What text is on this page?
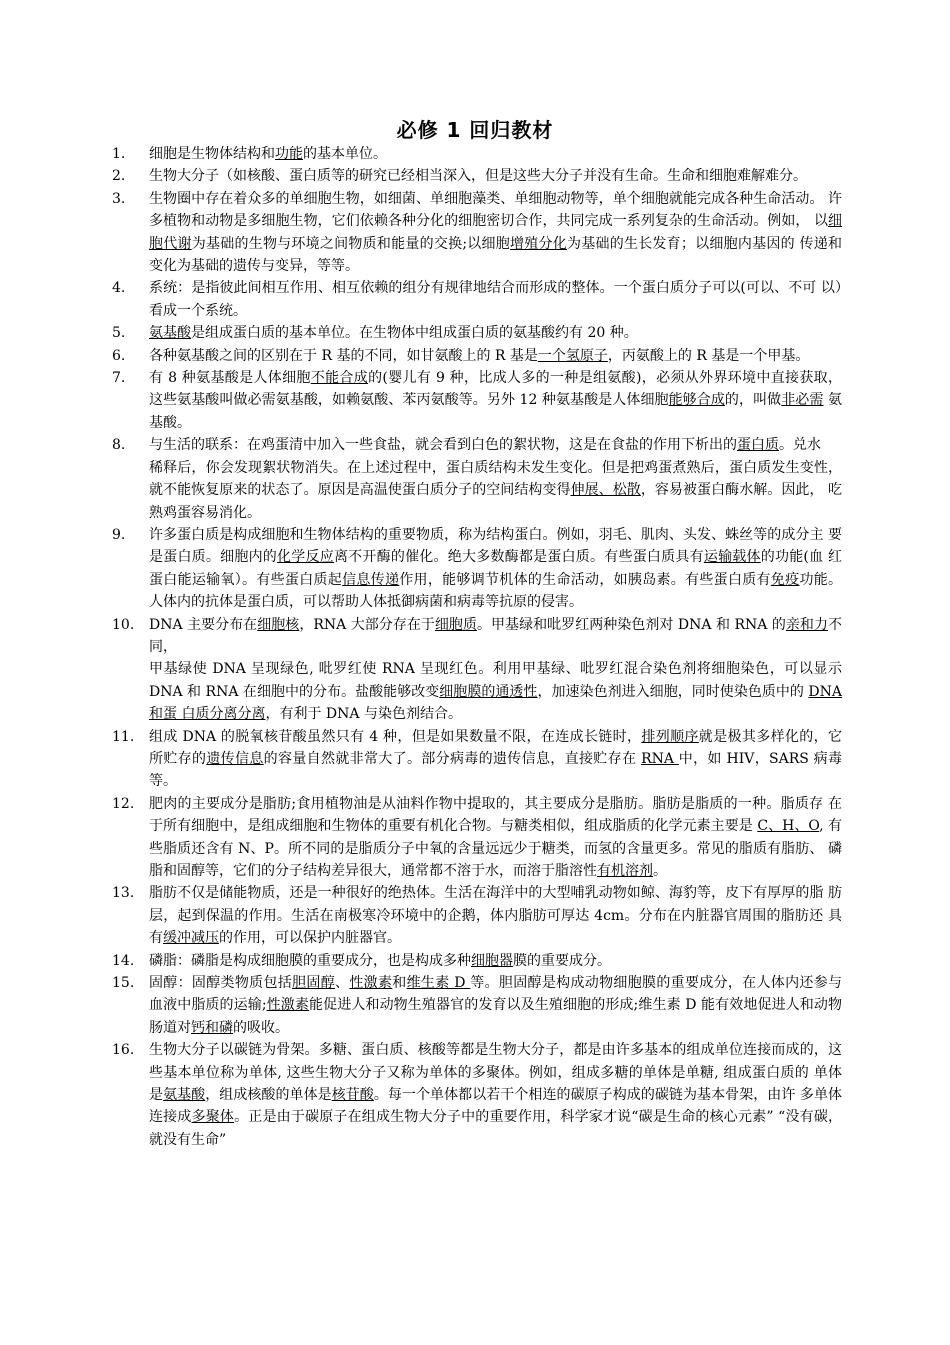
必修 1 回归教材
1.	细胞是生物体结构和功能的基本单位。
2.	生物大分子（如核酸、蛋白质等的研究已经相当深入，但是这些大分子并没有生命。生命和细胞难解难分。
3.	生物圈中存在着众多的单细胞生物，如细菌、单细胞藻类、单细胞动物等，单个细胞就能完成各种生命活动。 许多植物和动物是多细胞生物，它们依赖各种分化的细胞密切合作，共同完成一系列复杂的生命活动。例如， 以细胞代谢为基础的生物与环境之间物质和能量的交换;以细胞增殖分化为基础的生长发育；以细胞内基因的 传递和变化为基础的遗传与变异，等等。
4.	系统：是指彼此间相互作用、相互依赖的组分有规律地结合而形成的整体。一个蛋白质分子可以(可以、不可 以）看成一个系统。
5.	氨基酸是组成蛋白质的基本单位。在生物体中组成蛋白质的氨基酸约有 20 种。
6.	各种氨基酸之间的区别在于 R 基的不同，如甘氨酸上的 R 基是一个氢原子，丙氨酸上的 R 基是一个甲基。
7.	有 8 种氨基酸是人体细胞不能合成的(婴儿有 9 种，比成人多的一种是组氨酸)，必须从外界环境中直接获取， 这些氨基酸叫做必需氨基酸，如赖氨酸、苯丙氨酸等。另外 12 种氨基酸是人体细胞能够合成的，叫做非必需 氨基酸。
8.	与生活的联系：在鸡蛋清中加入一些食盐，就会看到白色的絮状物，这是在食盐的作用下析出的蛋白质。兑水
稀释后，你会发现絮状物消失。在上述过程中，蛋白质结构未发生变化。但是把鸡蛋煮熟后，蛋白质发生变性， 就不能恢复原来的状态了。原因是高温使蛋白质分子的空间结构变得伸展、松散，容易被蛋白酶水解。因此， 吃熟鸡蛋容易消化。
9.	许多蛋白质是构成细胞和生物体结构的重要物质，称为结构蛋白。例如，羽毛、肌肉、头发、蛛丝等的成分主 要是蛋白质。细胞内的化学反应离不开酶的催化。绝大多数酶都是蛋白质。有些蛋白质具有运输载体的功能(血 红蛋白能运输氧）。有些蛋白质起信息传递作用，能够调节机体的生命活动，如胰岛素。有些蛋白质有免疫功能。 人体内的抗体是蛋白质，可以帮助人体抵御病菌和病毒等抗原的侵害。
10.	DNA 主要分布在细胞核，RNA 大部分存在于细胞质。甲基绿和吡罗红两种染色剂对 DNA 和 RNA 的亲和力不同，
甲基绿使 DNA 呈现绿色, 吡罗红使 RNA 呈现红色。利用甲基绿、吡罗红混合染色剂将细胞染色，可以显示 DNA 和 RNA 在细胞中的分布。盐酸能够改变细胞膜的通透性，加速染色剂进入细胞，同时使染色质中的 DNA 和蛋 白质分离分离，有利于 DNA 与染色剂结合。
11.	组成 DNA 的脱氧核苷酸虽然只有 4 种，但是如果数量不限，在连成长链时，排列顺序就是极其多样化的，它 所贮存的遗传信息的容量自然就非常大了。部分病毒的遗传信息，直接贮存在 RNA 中，如 HIV，SARS 病毒等。
12.	肥肉的主要成分是脂肪;食用植物油是从油料作物中提取的，其主要成分是脂肪。脂肪是脂质的一种。脂质存 在于所有细胞中，是组成细胞和生物体的重要有机化合物。与糖类相似，组成脂质的化学元素主要是 C、H、O, 有些脂质还含有 N、P。所不同的是脂质分子中氧的含量远远少于糖类，而氢的含量更多。常见的脂质有脂肪、 磷脂和固醇等，它们的分子结构差异很大，通常都不溶于水，而溶于脂溶性有机溶剂。
13.	脂肪不仅是储能物质，还是一种很好的绝热体。生活在海洋中的大型哺乳动物如鲸、海豹等，皮下有厚厚的脂 肪层，起到保温的作用。生活在南极寒冷环境中的企鹅，体内脂肪可厚达 4cm。分布在内脏器官周围的脂肪还 具有缓冲减压的作用，可以保护内脏器官。
14.	磷脂：磷脂是构成细胞膜的重要成分，也是构成多种细胞器膜的重要成分。
15.	固醇：固醇类物质包括胆固醇、性激素和维生素 D 等。胆固醇是构成动物细胞膜的重要成分，在人体内还参与 血液中脂质的运输;性激素能促进人和动物生殖器官的发育以及生殖细胞的形成;维生素 D 能有效地促进人和动物肠道对钙和磷的吸收。
16.	生物大分子以碳链为骨架。多糖、蛋白质、核酸等都是生物大分子，都是由许多基本的组成单位连接而成的，这些基本单位称为单体, 这些生物大分子又称为单体的多聚体。例如，组成多糖的单体是单糖, 组成蛋白质的 单体是氨基酸，组成核酸的单体是核苷酸。每一个单体都以若干个相连的碳原子构成的碳链为基本骨架，由许 多单体连接成多聚体。正是由于碳原子在组成生物大分子中的重要作用，科学家才说“碳是生命的核心元素” “没有碳，就没有生命”
